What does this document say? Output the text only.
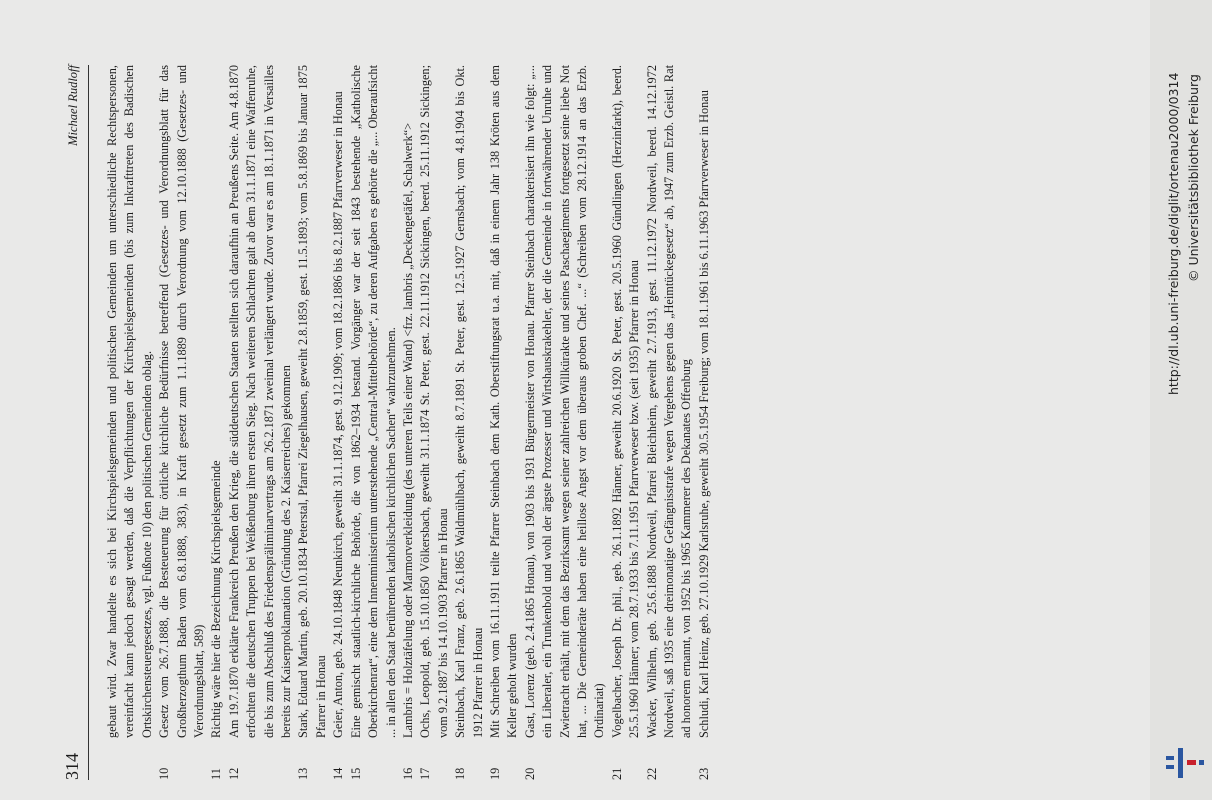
314
Michael Rudloff gebaut wird. Zwar handelte es sich bei Kirchspielsgemeinden und politischen Gemeinden um unterschiedliche Rechtspersonen, vereinfacht kann jedoch gesagt werden, daß die Verpflichtungen der Kirchspielsgemeinden (bis zum Inkrafttreten des Badischen Ortskirchensteuergesetzes, vgl. Fußnote 10) den politischen Gemeinden oblag.
10
Gesetz vom 26.7.1888, die Besteuerung für örtliche kirchliche Bedürfnisse betreffend (Gesetzes- und Verordnungsblatt für das Großherzogthum Baden vom 6.8.1888, 383), in Kraft gesetzt zum 1.1.1889 durch Verordnung vom 12.10.1888 (Gesetzes- und Verordnungsblatt, 589)
11
Richtig wäre hier die Bezeichnung Kirchspielsgemeinde
12
Am 19.7.1870 erklärte Frankreich Preußen den Krieg, die süddeutschen Staaten stellten sich daraufhin an Preußens Seite. Am 4.8.1870 erfochten die deutschen Truppen bei Weißenburg ihren ersten Sieg. Nach weiteren Schlachten galt ab dem 31.1.1871 eine Waffenruhe, die bis zum Abschluß des Friedenspräliminarvertrags am 26.2.1871 zweimal verlängert wurde. Zuvor war es am 18.1.1871 in Versailles bereits zur Kaiserproklamation (Gründung des 2. Kaiserreiches) gekommen
13
Stark, Eduard Martin, geb. 20.10.1834 Peterstal, Pfarrei Ziegelhausen, geweiht 2.8.1859, gest. 11.5.1893; vom 5.8.1869 bis Januar 1875 Pfarrer in Honau
14
Geier, Anton, geb. 24.10.1848 Neunkirch, geweiht 31.1.1874, gest. 9.12.1909; vom 18.2.1886 bis 8.2.1887 Pfarrverweser in Honau
15
Eine gemischt staatlich-kirchliche Behörde, die von 1862–1934 bestand. Vorgänger war der seit 1843 bestehende „Katholische Oberkirchenrat“, eine dem Innenministerium unterstehende „Central-Mittelbehörde“, zu deren Aufgaben es gehörte die „... Oberaufsicht ... in allen den Staat berührenden katholischen kirchlichen Sachen“ wahrzunehmen.
16
Lambris = Holztäfelung oder Marmorverkleidung (des unteren Teils einer Wand) <frz. lambris „Deckengetäfel, Schalwerk“>
17
Ochs, Leopold, geb. 15.10.1850 Völkersbach, geweiht 31.1.1874 St. Peter, gest. 22.11.1912 Sickingen, beerd. 25.11.1912 Sickingen; vom 9.2.1887 bis 14.10.1903 Pfarrer in Honau
18
Steinbach, Karl Franz, geb. 2.6.1865 Waldmühlbach, geweiht 8.7.1891 St. Peter, gest. 12.5.1927 Gernsbach; vom 4.8.1904 bis Okt. 1912 Pfarrer in Honau
19
Mit Schreiben vom 16.11.1911 teilte Pfarrer Steinbach dem Kath. Oberstiftungsrat u.a. mit, daß in einem Jahr 138 Kröten aus dem Keller geholt wurden
20
Gast, Lorenz (geb. 2.4.1865 Honau), von 1903 bis 1931 Bürgermeister von Honau. Pfarrer Steinbach charakterisiert ihn wie folgt: „... ein Liberaler, ein Trunkenbold und wohl der ärgste Prozesser und Wirtshauskrakehler, der die Gemeinde in fortwährender Unruhe und Zwietracht erhält, mit dem das Bezirksamt wegen seiner zahlreichen Willkürakte und seines Paschaegiments fortgesetzt seine liebe Not hat, ... Die Gemeinderäte haben eine heillose Angst vor dem überaus groben Chef. ...“ (Schreiben vom 28.12.1914 an das Erzb. Ordinariat)
21
Vogelbacher, Joseph Dr. phil., geb. 26.1.1892 Hänner, geweiht 20.6.1920 St. Peter, gest. 20.5.1960 Gündlingen (Herzinfarkt), beerd. 25.5.1960 Hänner; vom 28.7.1933 bis 7.11.1951 Pfarrverweser bzw. (seit 1935) Pfarrer in Honau
22
Wacker, Wilhelm, geb. 25.6.1888 Nordweil, Pfarrei Bleichheim, geweiht 2.7.1913, gest. 11.12.1972 Nordweil, beerd. 14.12.1972 Nordweil, saß 1935 eine dreimonatige Gefängnisstrafe wegen Vergehens gegen das „Heimtückegesetz“ ab, 1947 zum Erzb. Geistl. Rat ad honorem ernannt, von 1952 bis 1965 Kammerer des Dekanates Offenburg
23
Schludi, Karl Heinz, geb. 27.10.1929 Karlsruhe, geweiht 30.5.1954 Freiburg; vom 18.1.1961 bis 6.11.1963 Pfarrverweser in Honau	http://dl.ub.uni-freiburg.de/diglit/ortenau2000/0314 © Universitätsbibliothek Freiburg
